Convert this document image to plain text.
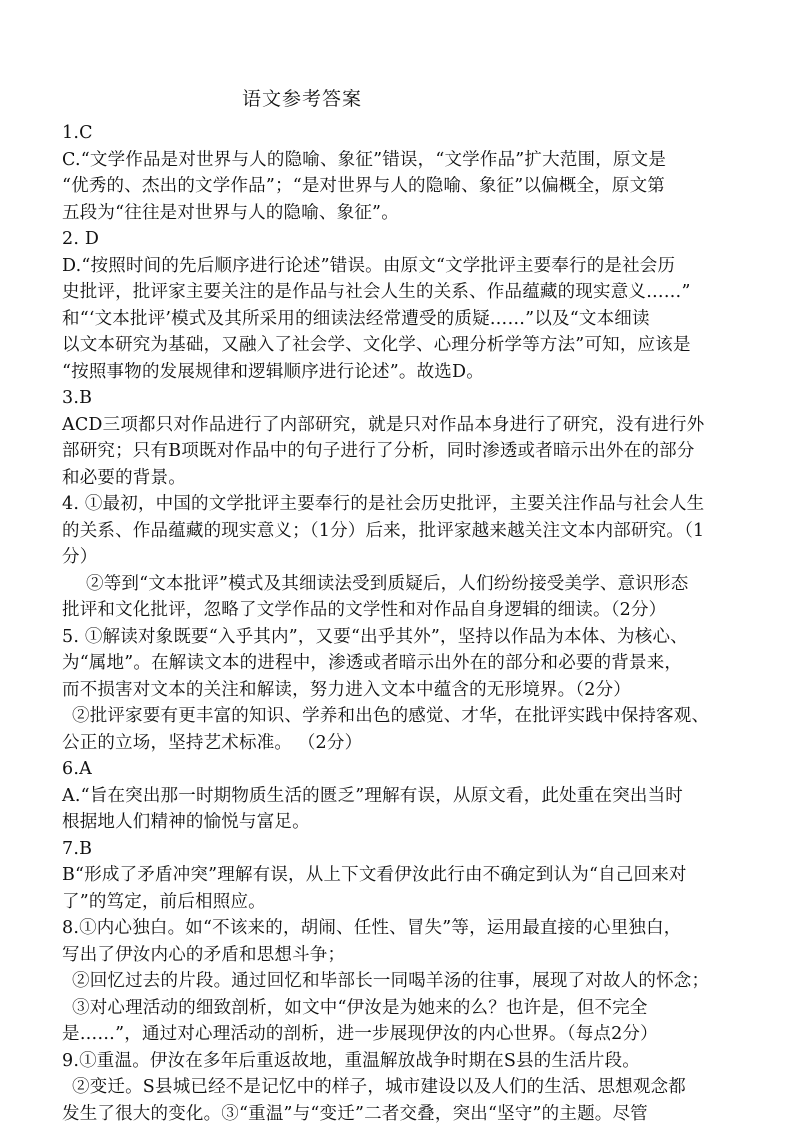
语文参考答案
1.C
C.“文学作品是对世界与人的隐喻、象征”错误，“文学作品”扩大范围，原文是
“优秀的、杰出的文学作品”；“是对世界与人的隐喻、象征”以偏概全，原文第
五段为“往往是对世界与人的隐喻、象征”。
2. D
D.“按照时间的先后顺序进行论述”错误。由原文“文学批评主要奉行的是社会历
史批评，批评家主要关注的是作品与社会人生的关系、作品蕴藏的现实意义……”
和“‘文本批评’模式及其所采用的细读法经常遭受的质疑……”以及“文本细读
以文本研究为基础，又融入了社会学、文化学、心理分析学等方法”可知，应该是
“按照事物的发展规律和逻辑顺序进行论述”。故选D。
3.B
ACD三项都只对作品进行了内部研究，就是只对作品本身进行了研究，没有进行外
部研究；只有B项既对作品中的句子进行了分析，同时渗透或者暗示出外在的部分
和必要的背景。
4. ①最初，中国的文学批评主要奉行的是社会历史批评，主要关注作品与社会人生
的关系、作品蕴藏的现实意义；（1分）后来，批评家越来越关注文本内部研究。（1
分）
②等到“文本批评”模式及其细读法受到质疑后，人们纷纷接受美学、意识形态
批评和文化批评，忽略了文学作品的文学性和对作品自身逻辑的细读。（2分）
5. ①解读对象既要“入乎其内”，又要“出乎其外”，坚持以作品为本体、为核心、
为“属地”。在解读文本的进程中，渗透或者暗示出外在的部分和必要的背景来，
而不损害对文本的关注和解读，努力进入文本中蕴含的无形境界。（2分）
②批评家要有更丰富的知识、学养和出色的感觉、才华，在批评实践中保持客观、
公正的立场，坚持艺术标准。 （2分）
6.A
A.“旨在突出那一时期物质生活的匮乏”理解有误，从原文看，此处重在突出当时
根据地人们精神的愉悦与富足。
7.B
B“形成了矛盾冲突”理解有误，从上下文看伊汝此行由不确定到认为“自己回来对
了”的笃定，前后相照应。
8.①内心独白。如“不该来的，胡闹、任性、冒失”等，运用最直接的心里独白，
写出了伊汝内心的矛盾和思想斗争；
②回忆过去的片段。通过回忆和毕部长一同喝羊汤的往事，展现了对故人的怀念；
③对心理活动的细致剖析，如文中“伊汝是为她来的么？也许是，但不完全
是……”，通过对心理活动的剖析，进一步展现伊汝的内心世界。（每点2分）
9.①重温。伊汝在多年后重返故地，重温解放战争时期在S县的生活片段。
②变迁。S县城已经不是记忆中的样子，城市建设以及人们的生活、思想观念都
发生了很大的变化。③“重温”与“变迁”二者交叠，突出“坚守”的主题。尽管
